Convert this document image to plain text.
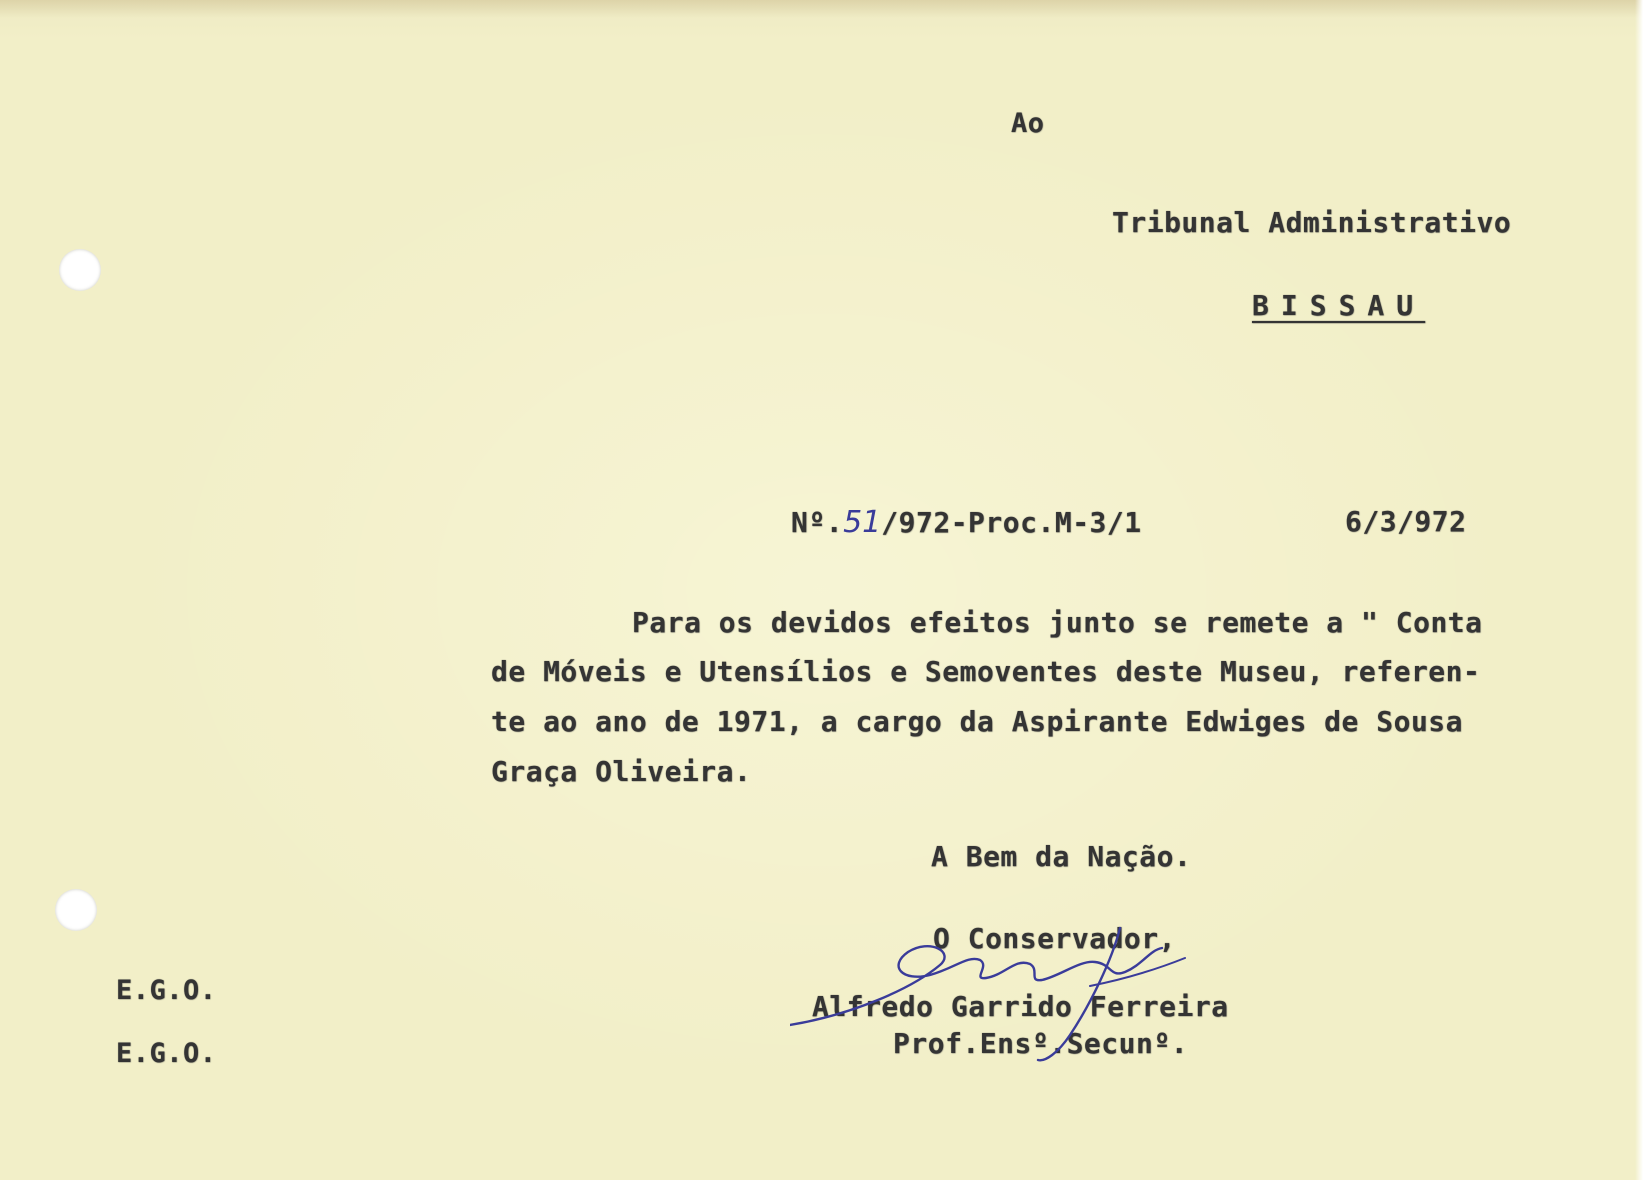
Ao
Tribunal Administrativo
BISSAU
Nº.51/972-Proc.M-3/1	6/3/972
Para os devidos efeitos junto se remete a " Conta
de Móveis e Utensílios e Semoventes deste Museu, referen-
te ao ano de 1971, a cargo da Aspirante Edwiges de Sousa
Graça Oliveira.
A Bem da Nação.
O Conservador,
Alfredo Garrido Ferreira
Prof.Ensº.Secunº.
E.G.O.
E.G.O.
